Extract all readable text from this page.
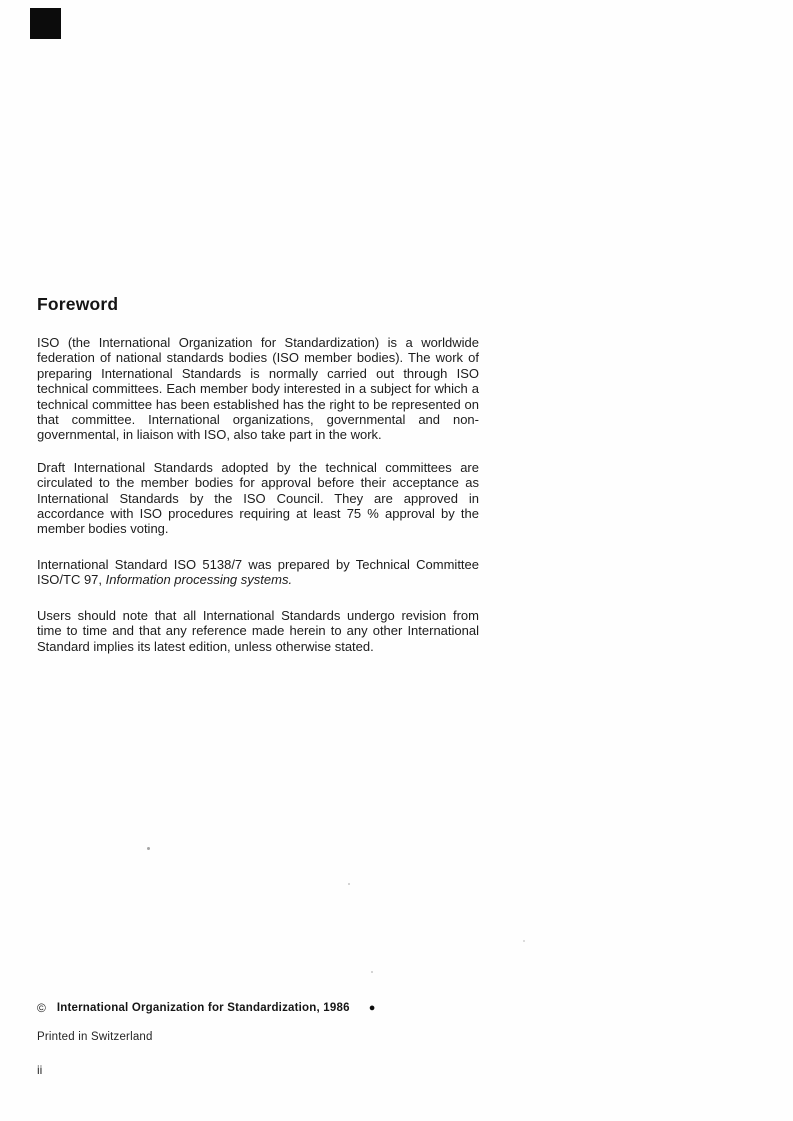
Foreword

ISO (the International Organization for Standardization) is a worldwide federation of national standards bodies (ISO member bodies). The work of preparing International Standards is normally carried out through ISO technical committees. Each member body interested in a subject for which a technical committee has been established has the right to be represented on that committee. International organizations, governmental and non-governmental, in liaison with ISO, also take part in the work.

Draft International Standards adopted by the technical committees are circulated to the member bodies for approval before their acceptance as International Standards by the ISO Council. They are approved in accordance with ISO procedures requiring at least 75 % approval by the member bodies voting.

International Standard ISO 5138/7 was prepared by Technical Committee ISO/TC 97, Information processing systems.

Users should note that all International Standards undergo revision from time to time and that any reference made herein to any other International Standard implies its latest edition, unless otherwise stated.

© International Organization for Standardization, 1986 ●
Printed in Switzerland
ii
